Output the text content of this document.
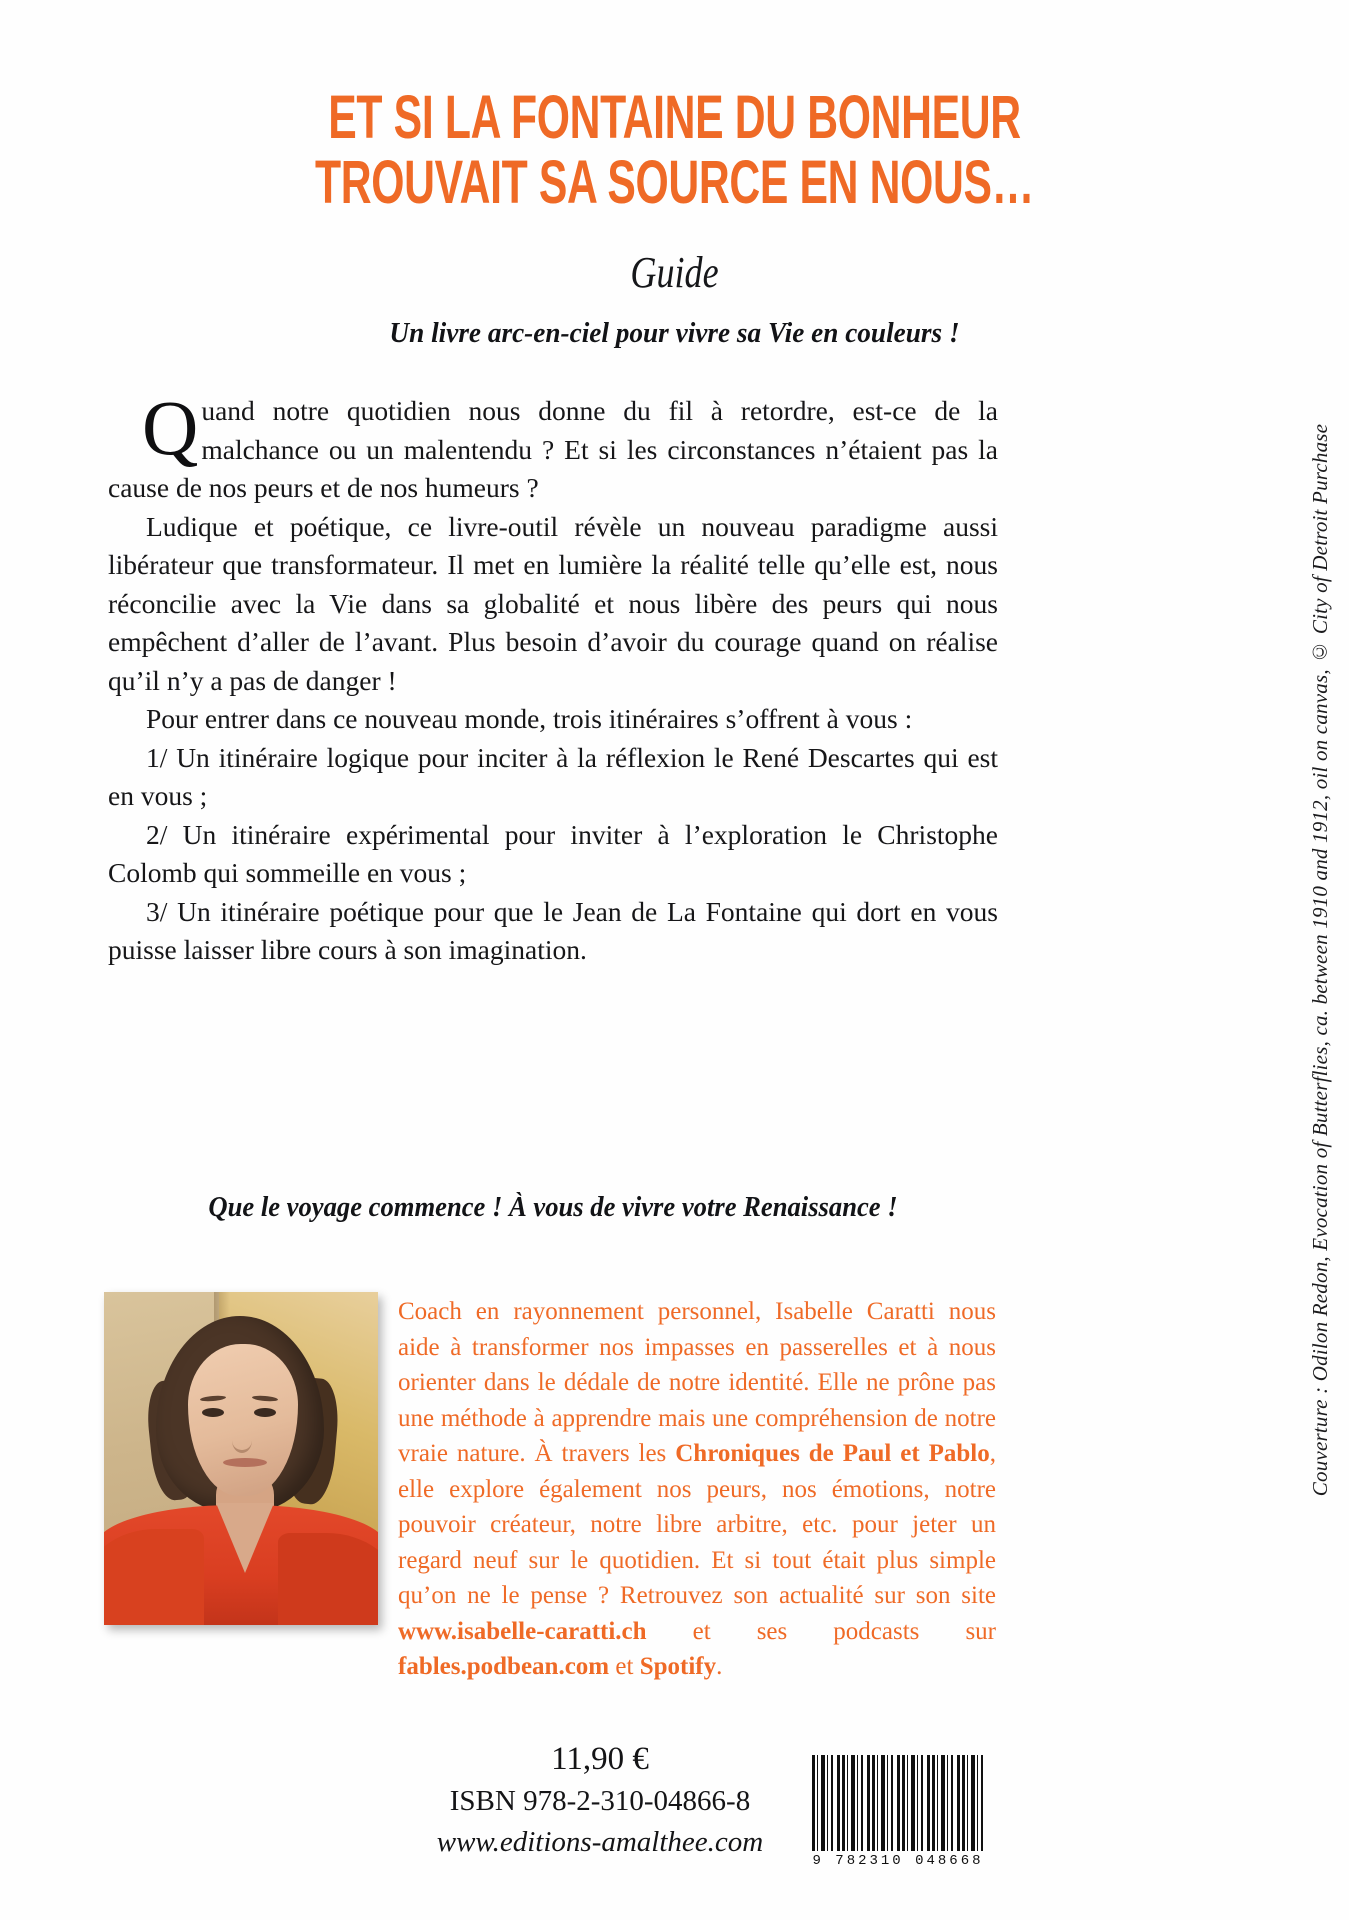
ET SI LA FONTAINE DU BONHEUR
TROUVAIT SA SOURCE EN NOUS…
Guide
Un livre arc-en-ciel pour vivre sa Vie en couleurs !

Quand notre quotidien nous donne du fil à retordre, est-ce de la malchance ou un malentendu ? Et si les circonstances n’étaient pas la cause de nos peurs et de nos humeurs ?

Ludique et poétique, ce livre-outil révèle un nouveau paradigme aussi libérateur que transformateur. Il met en lumière la réalité telle qu’elle est, nous réconcilie avec la Vie dans sa globalité et nous libère des peurs qui nous empêchent d’aller de l’avant. Plus besoin d’avoir du courage quand on réalise qu’il n’y a pas de danger !

Pour entrer dans ce nouveau monde, trois itinéraires s’offrent à vous :

1/ Un itinéraire logique pour inciter à la réflexion le René Descartes qui est en vous ;

2/ Un itinéraire expérimental pour inviter à l’exploration le Christophe Colomb qui sommeille en vous ;

3/ Un itinéraire poétique pour que le Jean de La Fontaine qui dort en vous puisse laisser libre cours à son imagination.

Que le voyage commence ! À vous de vivre votre Renaissance !
Coach en rayonnement personnel, Isabelle Caratti nous aide à transformer nos impasses en passerelles et à nous orienter dans le dédale de notre identité. Elle ne prône pas une méthode à apprendre mais une compréhension de notre vraie nature. À travers les Chroniques de Paul et Pablo, elle explore également nos peurs, nos émotions, notre pouvoir créateur, notre libre arbitre, etc. pour jeter un regard neuf sur le quotidien. Et si tout était plus simple qu’on ne le pense ? Retrouvez son actualité sur son site www.isabelle-caratti.ch et ses podcasts sur fables.podbean.com et Spotify.
11,90 €
ISBN 978-2-310-04866-8
www.editions-amalthee.com
9 782310 048668
Couverture : Odilon Redon, Evocation of Butterflies, ca. between 1910 and 1912, oil on canvas, © City of Detroit Purchase
